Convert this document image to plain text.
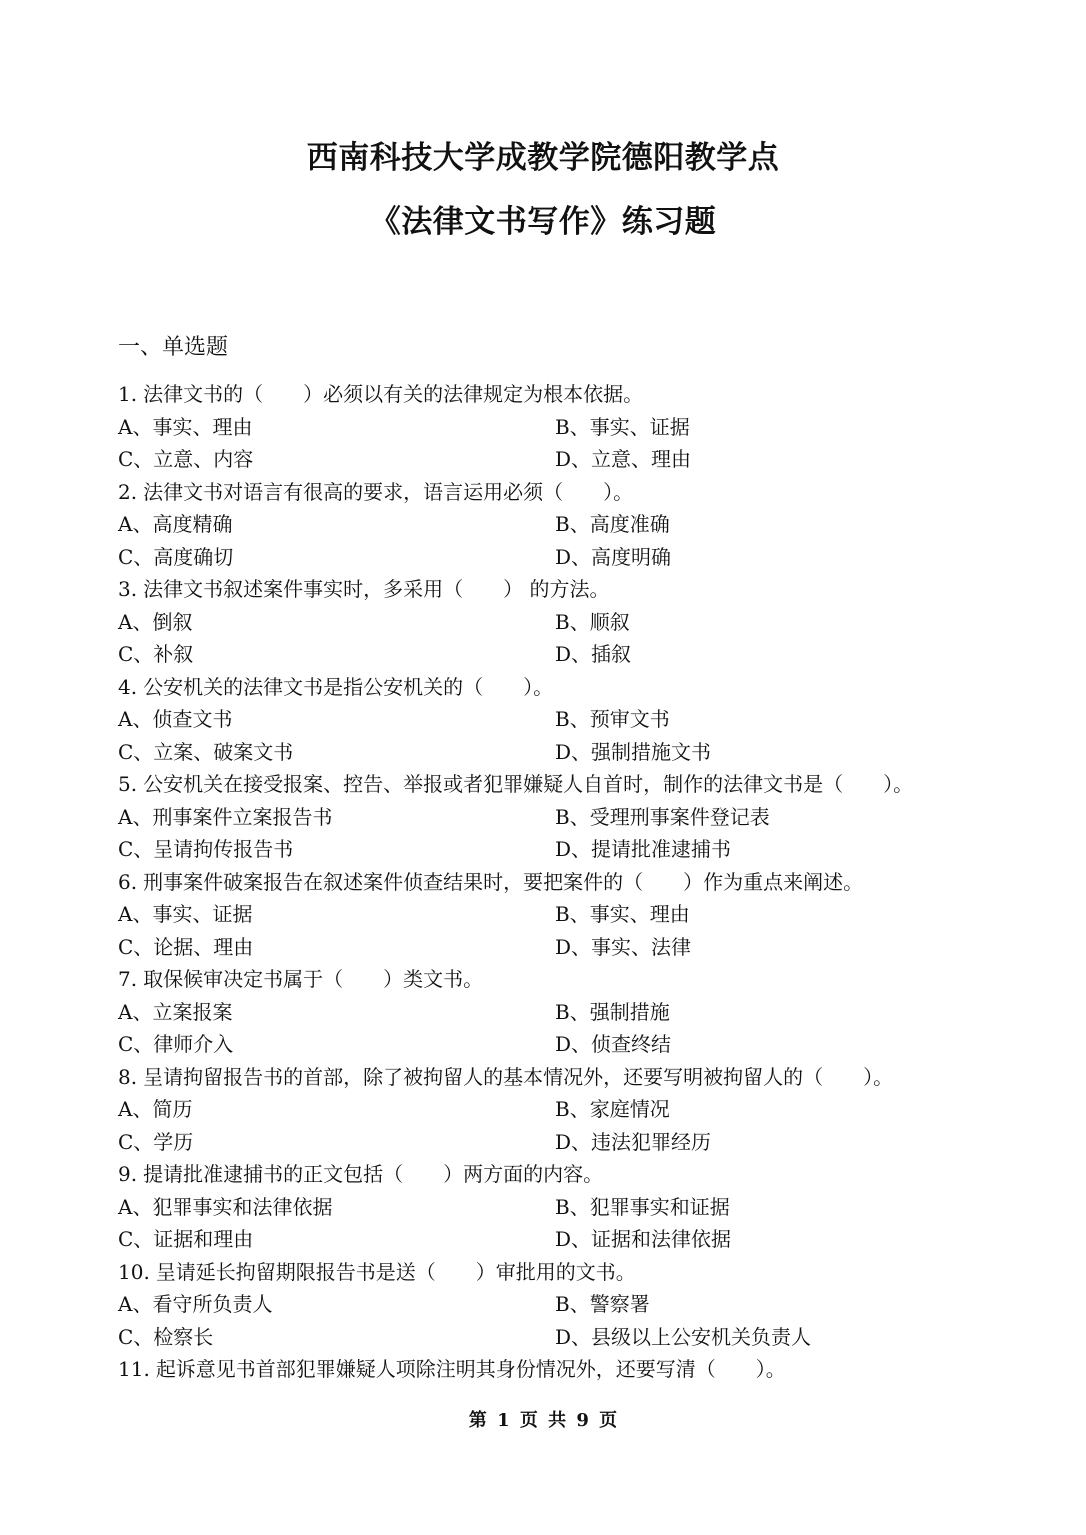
西南科技大学成教学院德阳教学点
《法律文书写作》练习题
一、单选题
1. 法律文书的（　　）必须以有关的法律规定为根本依据。
A、事实、理由	B、事实、证据
C、立意、内容	D、立意、理由
2. 法律文书对语言有很高的要求，语言运用必须（　　）。
A、高度精确	B、高度准确
C、高度确切	D、高度明确
3. 法律文书叙述案件事实时，多采用（　　） 的方法。
A、倒叙	B、顺叙
C、补叙	D、插叙
4. 公安机关的法律文书是指公安机关的（　　）。
A、侦查文书	B、预审文书
C、立案、破案文书	D、强制措施文书
5. 公安机关在接受报案、控告、举报或者犯罪嫌疑人自首时，制作的法律文书是（　　）。
A、刑事案件立案报告书	B、受理刑事案件登记表
C、呈请拘传报告书	D、提请批准逮捕书
6. 刑事案件破案报告在叙述案件侦查结果时，要把案件的（　　）作为重点来阐述。
A、事实、证据	B、事实、理由
C、论据、理由	D、事实、法律
7. 取保候审决定书属于（　　）类文书。
A、立案报案	B、强制措施
C、律师介入	D、侦查终结
8. 呈请拘留报告书的首部，除了被拘留人的基本情况外，还要写明被拘留人的（　　）。
A、简历	B、家庭情况
C、学历	D、违法犯罪经历
9. 提请批准逮捕书的正文包括（　　）两方面的内容。
A、犯罪事实和法律依据	B、犯罪事实和证据
C、证据和理由	D、证据和法律依据
10. 呈请延长拘留期限报告书是送（　　）审批用的文书。
A、看守所负责人	B、警察署
C、检察长	D、县级以上公安机关负责人
11. 起诉意见书首部犯罪嫌疑人项除注明其身份情况外，还要写清（　　）。
第 1 页 共 9 页
